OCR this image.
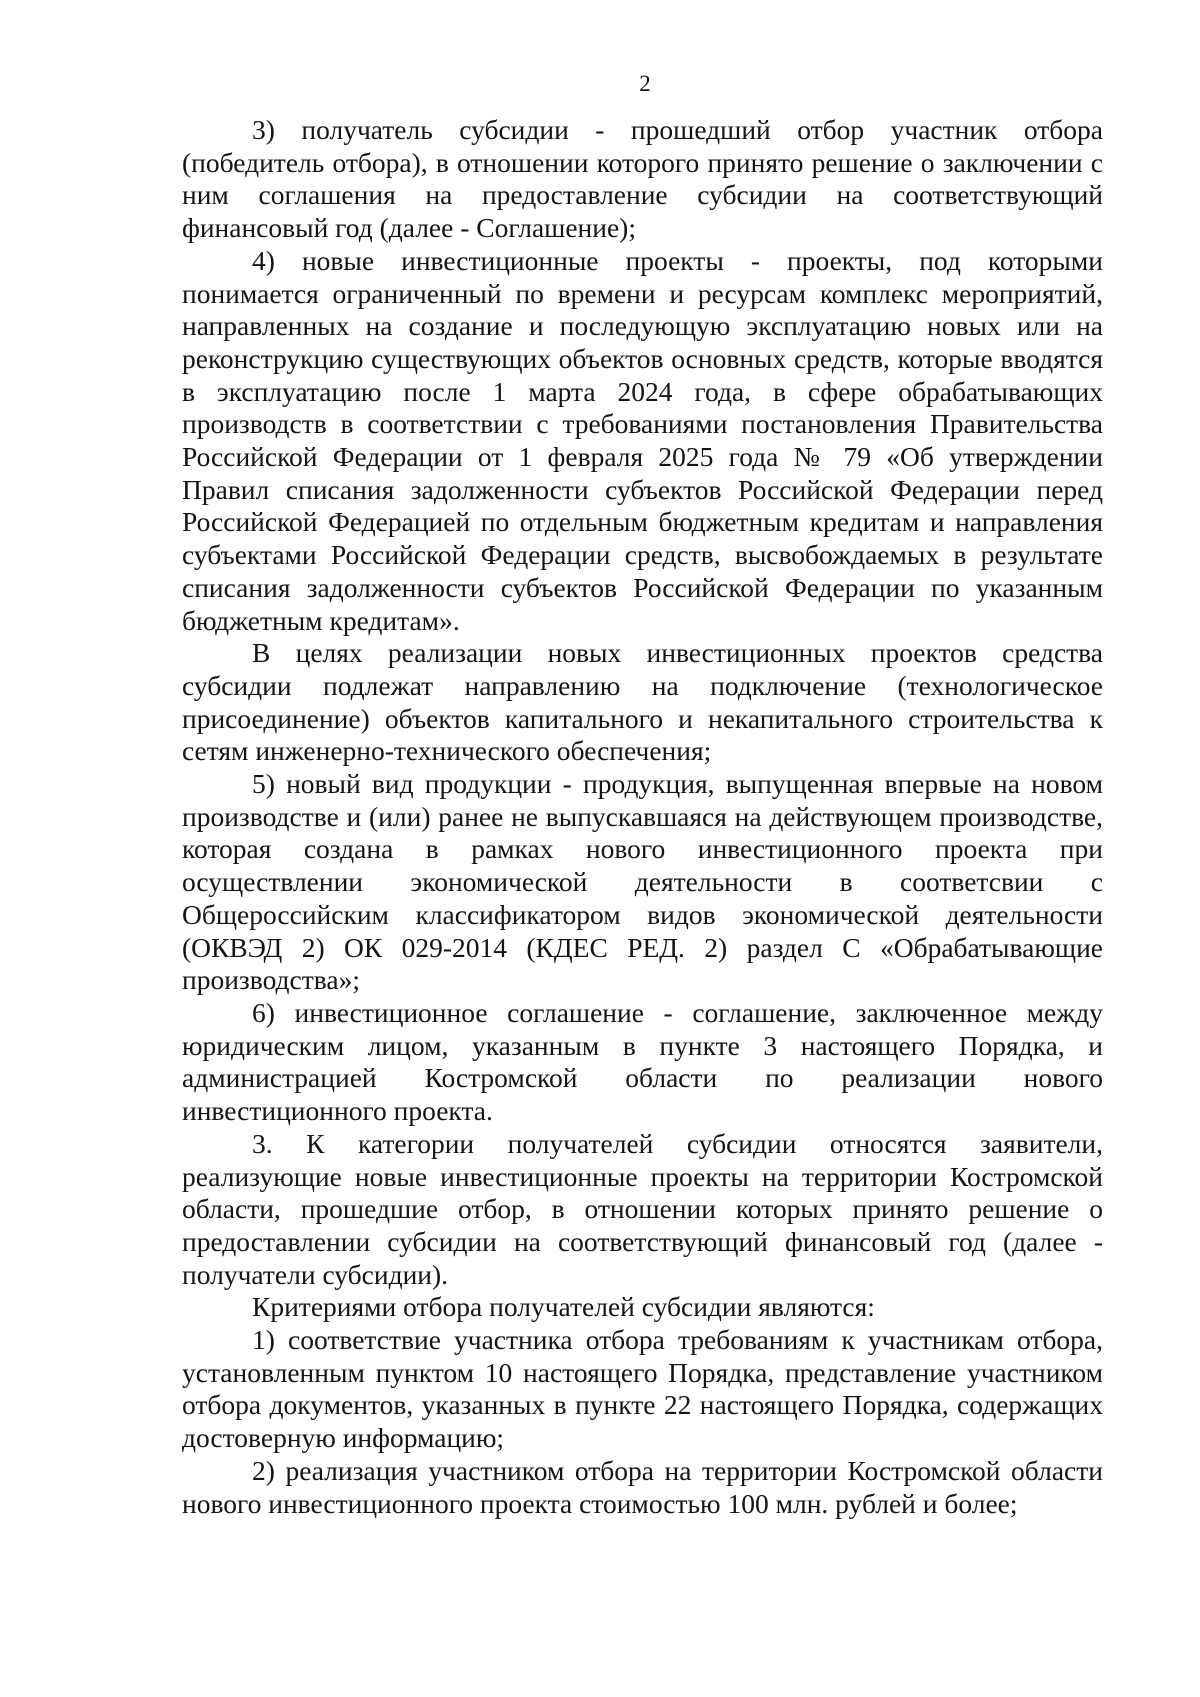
2

3) получатель субсидии - прошедший отбор участник отбора (победитель отбора), в отношении которого принято решение о заключении с ним соглашения на предоставление субсидии на соответствующий финансовый год (далее - Соглашение);

4) новые инвестиционные проекты - проекты, под которыми понимается ограниченный по времени и ресурсам комплекс мероприятий, направленных на создание и последующую эксплуатацию новых или на реконструкцию существующих объектов основных средств, которые вводятся в эксплуатацию после 1 марта 2024 года, в сфере обрабатывающих производств в соответствии с требованиями постановления Правительства Российской Федерации от 1 февраля 2025 года № 79 «Об утверждении Правил списания задолженности субъектов Российской Федерации перед Российской Федерацией по отдельным бюджетным кредитам и направления субъектами Российской Федерации средств, высвобождаемых в результате списания задолженности субъектов Российской Федерации по указанным бюджетным кредитам».

В целях реализации новых инвестиционных проектов средства субсидии подлежат направлению на подключение (технологическое присоединение) объектов капитального и некапитального строительства к сетям инженерно-технического обеспечения;

5) новый вид продукции - продукция, выпущенная впервые на новом производстве и (или) ранее не выпускавшаяся на действующем производстве, которая создана в рамках нового инвестиционного проекта при осуществлении экономической деятельности в соответсвии с Общероссийским классификатором видов экономической деятельности (ОКВЭД 2) ОК 029-2014 (КДЕС РЕД. 2) раздел С «Обрабатывающие производства»;

6) инвестиционное соглашение - соглашение, заключенное между юридическим лицом, указанным в пункте 3 настоящего Порядка, и администрацией Костромской области по реализации нового инвестиционного проекта.

3. К категории получателей субсидии относятся заявители, реализующие новые инвестиционные проекты на территории Костромской области, прошедшие отбор, в отношении которых принято решение о предоставлении субсидии на соответствующий финансовый год (далее - получатели субсидии).

Критериями отбора получателей субсидии являются:

1) соответствие участника отбора требованиям к участникам отбора, установленным пунктом 10 настоящего Порядка, представление участником отбора документов, указанных в пункте 22 настоящего Порядка, содержащих достоверную информацию;

2) реализация участником отбора на территории Костромской области нового инвестиционного проекта стоимостью 100 млн. рублей и более;
